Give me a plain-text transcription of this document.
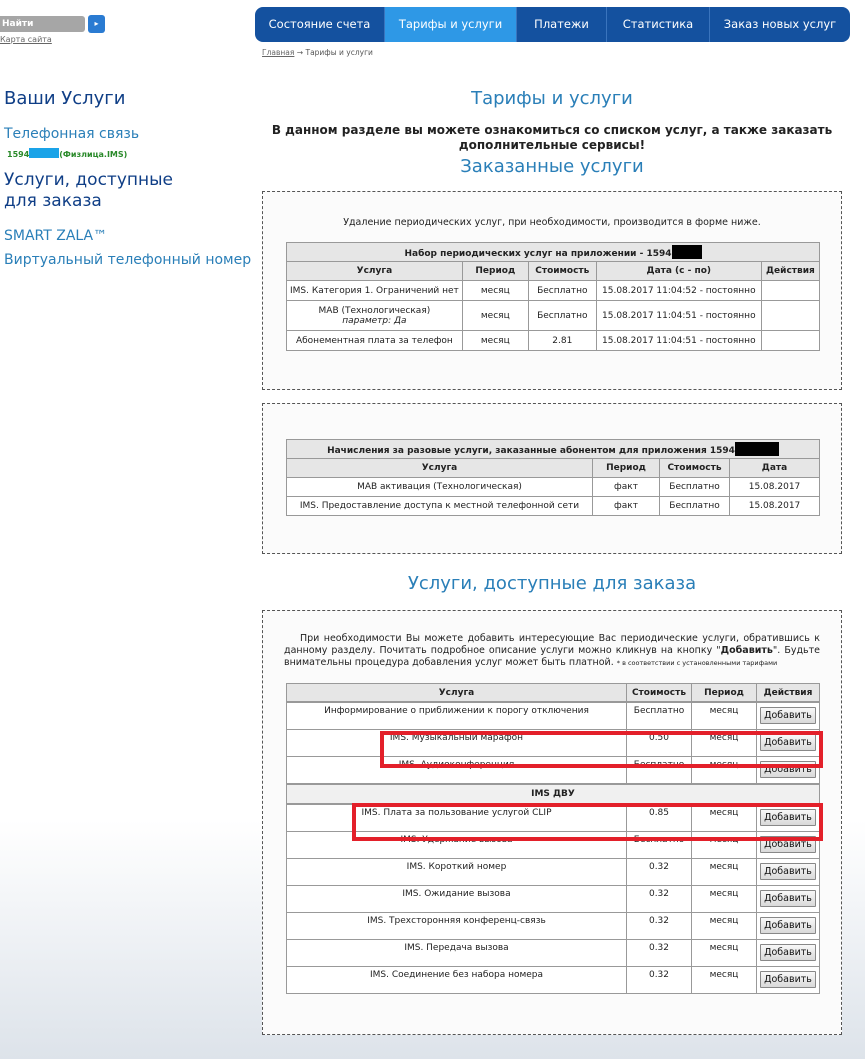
Найти	▸
Карта сайта
Ваши Услуги
Телефонная связь
1594	(Физлица.IMS)
Услуги, доступные для заказа
SMART ZALA™
Виртуальный телефонный номер
Состояние счета	Тарифы и услуги	Платежи	Статистика	Заказ новых услуг
Главная → Тарифы и услуги
Тарифы и услуги
В данном разделе вы можете ознакомиться со списком услуг, а также заказать дополнительные сервисы!
Заказанные услуги
Удаление периодических услуг, при необходимости, производится в форме ниже.
Набор периодических услуг на приложении - 1594				
Услуга	Период	Стоимость	Дата (с - по)	Действия
IMS. Категория 1. Ограничений нет	месяц	Бесплатно	15.08.2017 11:04:52 - постоянно	

MAB (Технологическая)
параметр: Да	месяц	Бесплатно	15.08.2017 11:04:51 - постоянно	
Абонементная плата за телефон	месяц	2.81	15.08.2017 11:04:51 - постоянно	
Начисления за разовые услуги, заказанные абонентом для приложения 1594			
Услуга	Период	Стоимость	Дата
MAB активация (Технологическая)	факт	Бесплатно	15.08.2017
IMS. Предоставление доступа к местной телефонной сети	факт	Бесплатно	15.08.2017
Услуги, доступные для заказа
При необходимости Вы можете добавить интересующие Вас периодические услуги, обратившись к данному разделу. Почитать подробное описание услуги можно кликнув на кнопку "Добавить". Будьте внимательны процедура добавления услуг может быть платной. * в соответствии с установленными тарифами
Услуга	Стоимость	Период	Действия
Информирование о приближении к порогу отключения	Бесплатно	месяц	Добавить
IMS. Музыкальный марафон	0.50	месяц	Добавить
IMS. Аудиоконференция	Бесплатно	месяц	Добавить
IMS ДВУ
IMS. Плата за пользование услугой CLIP	0.85	месяц	Добавить
IMS. Удержание вызова	Бесплатно	месяц	Добавить
IMS. Короткий номер	0.32	месяц	Добавить
IMS. Ожидание вызова	0.32	месяц	Добавить
IMS. Трехсторонняя конференц-связь	0.32	месяц	Добавить
IMS. Передача вызова	0.32	месяц	Добавить
IMS. Соединение без набора номера	0.32	месяц	Добавить
